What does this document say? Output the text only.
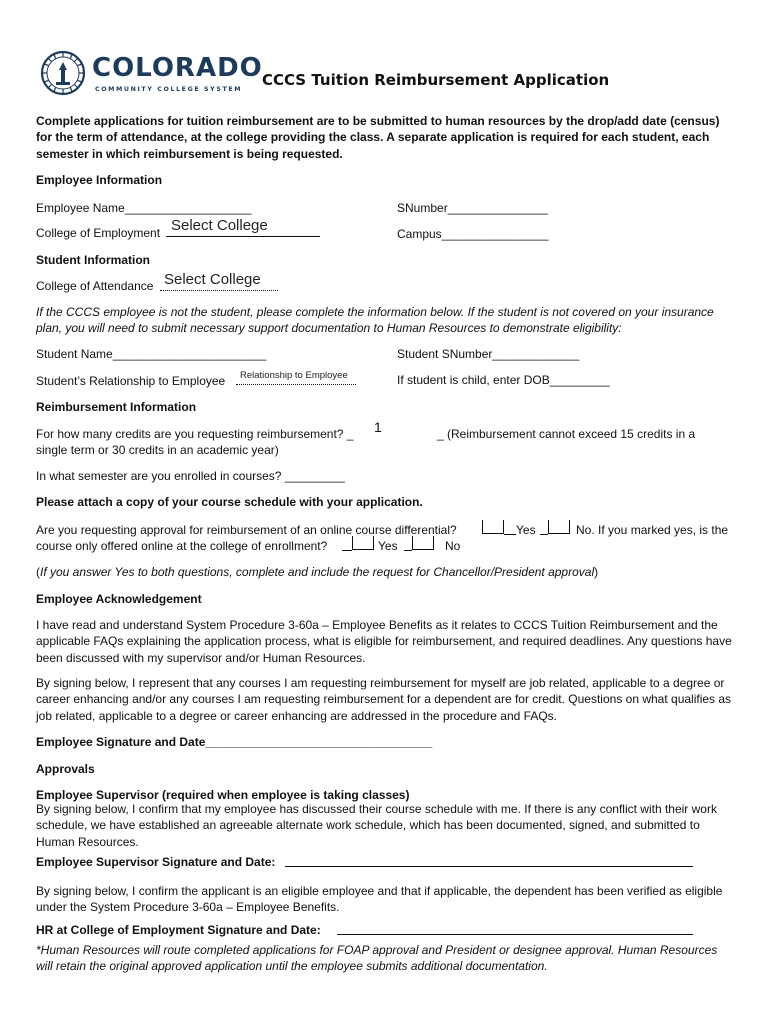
COLORADO
COMMUNITY COLLEGE SYSTEM
CCCS Tuition Reimbursement Application
Complete applications for tuition reimbursement are to be submitted to human resources by the drop/add date (census) for the term of attendance, at the college providing the class. A separate application is required for each student, each semester in which reimbursement is being requested.
Employee Information
Employee Name___________________	SNumber_______________
College of Employment Select College	Campus________________
Student Information
College of Attendance Select College
If the CCCS employee is not the student, please complete the information below. If the student is not covered on your insurance plan, you will need to submit necessary support documentation to Human Resources to demonstrate eligibility:
Student Name_______________________	Student SNumber_____________
Student’s Relationship to Employee Relationship to Employee	If student is child, enter DOB_________
Reimbursement Information
For how many credits are you requesting reimbursement? _ 1	_ (Reimbursement cannot exceed 15 credits in a
single term or 30 credits in an academic year)
In what semester are you enrolled in courses? _________
Please attach a copy of your course schedule with your application.
Are you requesting approval for reimbursement of an online course differential?	Yes	No. If you marked yes, is the
course only offered online at the college of enrollment?	Yes	No
(If you answer Yes to both questions, complete and include the request for Chancellor/President approval)
Employee Acknowledgement
I have read and understand System Procedure 3-60a – Employee Benefits as it relates to CCCS Tuition Reimbursement and the applicable FAQs explaining the application process, what is eligible for reimbursement, and required deadlines. Any questions have been discussed with my supervisor and/or Human Resources.
By signing below, I represent that any courses I am requesting reimbursement for myself are job related, applicable to a degree or career enhancing and/or any courses I am requesting reimbursement for a dependent are for credit. Questions on what qualifies as job related, applicable to a degree or career enhancing are addressed in the procedure and FAQs.
Employee Signature and Date__________________________________
Approvals
Employee Supervisor (required when employee is taking classes)
By signing below, I confirm that my employee has discussed their course schedule with me. If there is any conflict with their work schedule, we have established an agreeable alternate work schedule, which has been documented, signed, and submitted to Human Resources.
Employee Supervisor Signature and Date:
By signing below, I confirm the applicant is an eligible employee and that if applicable, the dependent has been verified as eligible under the System Procedure 3-60a – Employee Benefits.
HR at College of Employment Signature and Date:
*Human Resources will route completed applications for FOAP approval and President or designee approval. Human Resources will retain the original approved application until the employee submits additional documentation.
